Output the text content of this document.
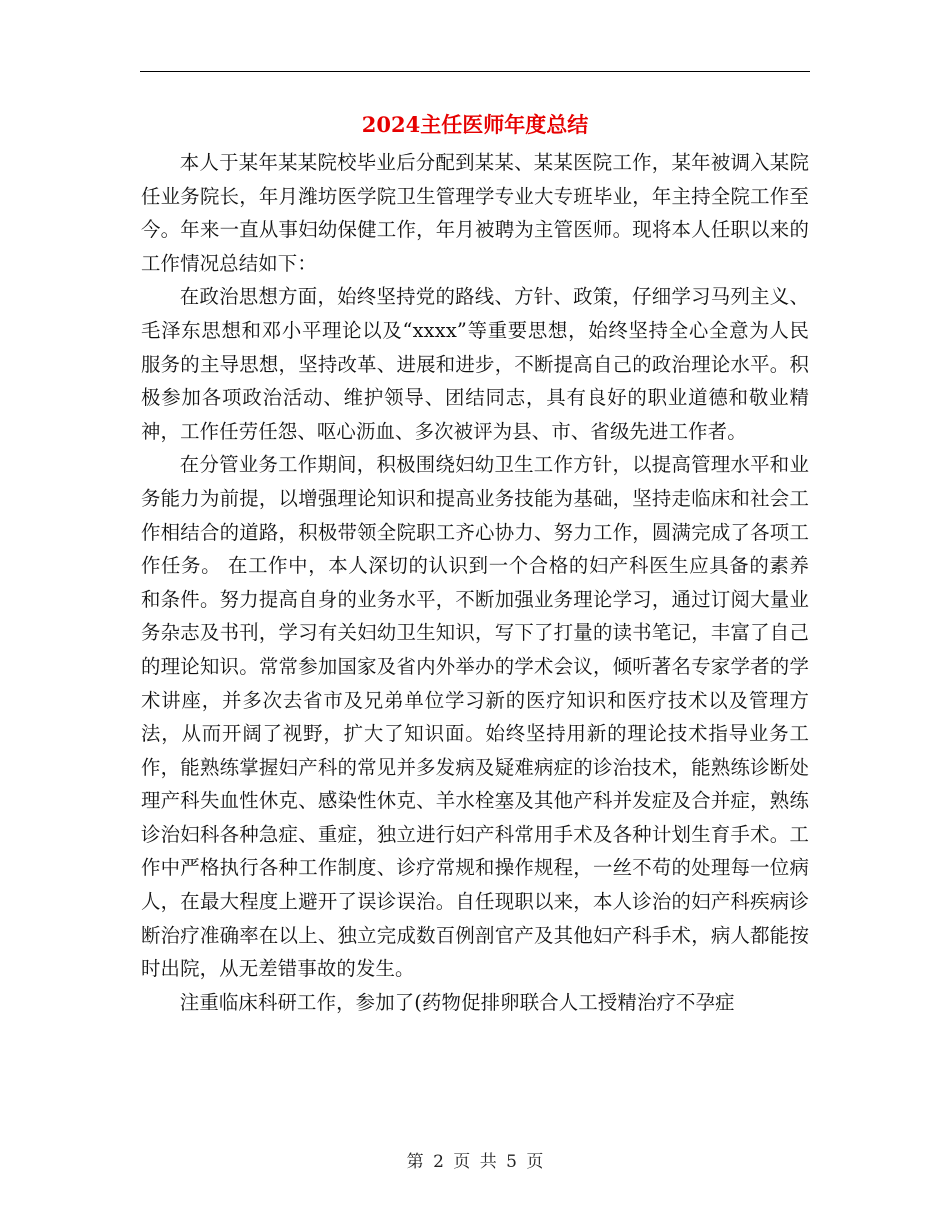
2024主任医师年度总结

本人于某年某某院校毕业后分配到某某、某某医院工作，某年被调入某院任业务院长，年月潍坊医学院卫生管理学专业大专班毕业，年主持全院工作至今。年来一直从事妇幼保健工作，年月被聘为主管医师。现将本人任职以来的工作情况总结如下：

在政治思想方面，始终坚持党的路线、方针、政策，仔细学习马列主义、毛泽东思想和邓小平理论以及“xxxx”等重要思想，始终坚持全心全意为人民服务的主导思想，坚持改革、进展和进步，不断提高自己的政治理论水平。积极参加各项政治活动、维护领导、团结同志，具有良好的职业道德和敬业精神，工作任劳任怨、呕心沥血、多次被评为县、市、省级先进工作者。

在分管业务工作期间，积极围绕妇幼卫生工作方针，以提高管理水平和业务能力为前提，以增强理论知识和提高业务技能为基础，坚持走临床和社会工作相结合的道路，积极带领全院职工齐心协力、努力工作，圆满完成了各项工作任务。 在工作中，本人深切的认识到一个合格的妇产科医生应具备的素养和条件。努力提高自身的业务水平，不断加强业务理论学习，通过订阅大量业务杂志及书刊，学习有关妇幼卫生知识，写下了打量的读书笔记，丰富了自己的理论知识。常常参加国家及省内外举办的学术会议，倾听著名专家学者的学术讲座，并多次去省市及兄弟单位学习新的医疗知识和医疗技术以及管理方法，从而开阔了视野，扩大了知识面。始终坚持用新的理论技术指导业务工作，能熟练掌握妇产科的常见并多发病及疑难病症的诊治技术，能熟练诊断处理产科失血性休克、感染性休克、羊水栓塞及其他产科并发症及合并症，熟练诊治妇科各种急症、重症，独立进行妇产科常用手术及各种计划生育手术。工作中严格执行各种工作制度、诊疗常规和操作规程，一丝不苟的处理每一位病人，在最大程度上避开了误诊误治。自任现职以来，本人诊治的妇产科疾病诊断治疗准确率在以上、独立完成数百例剖官产及其他妇产科手术，病人都能按时出院，从无差错事故的发生。

注重临床科研工作，参加了(药物促排卵联合人工授精治疗不孕症

第 2 页 共 5 页
